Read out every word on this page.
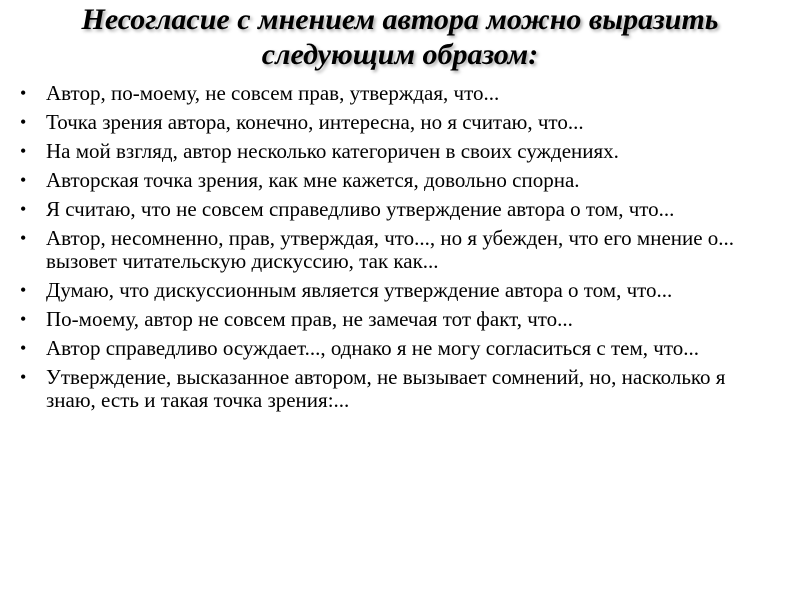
Несогласие с мнением автора можно выразить следующим образом:
• Автор, по-моему, не совсем прав, утверждая, что...
• Точка зрения автора, конечно, интересна, но я считаю, что...
• На мой взгляд, автор несколько категоричен в своих суждениях.
• Авторская точка зрения, как мне кажется, довольно спорна.
• Я считаю, что не совсем справедливо утверждение автора о том, что...
• Автор, несомненно, прав, утверждая, что..., но я убежден, что его мнение о... вызовет читательскую дискуссию, так как...
• Думаю, что дискуссионным является утверждение автора о том, что...
• По-моему, автор не совсем прав, не замечая тот факт, что...
• Автор справедливо осуждает..., однако я не могу согласиться с тем, что...
• Утверждение, высказанное автором, не вызывает сомнений, но, насколько я знаю, есть и такая точка зрения:...
